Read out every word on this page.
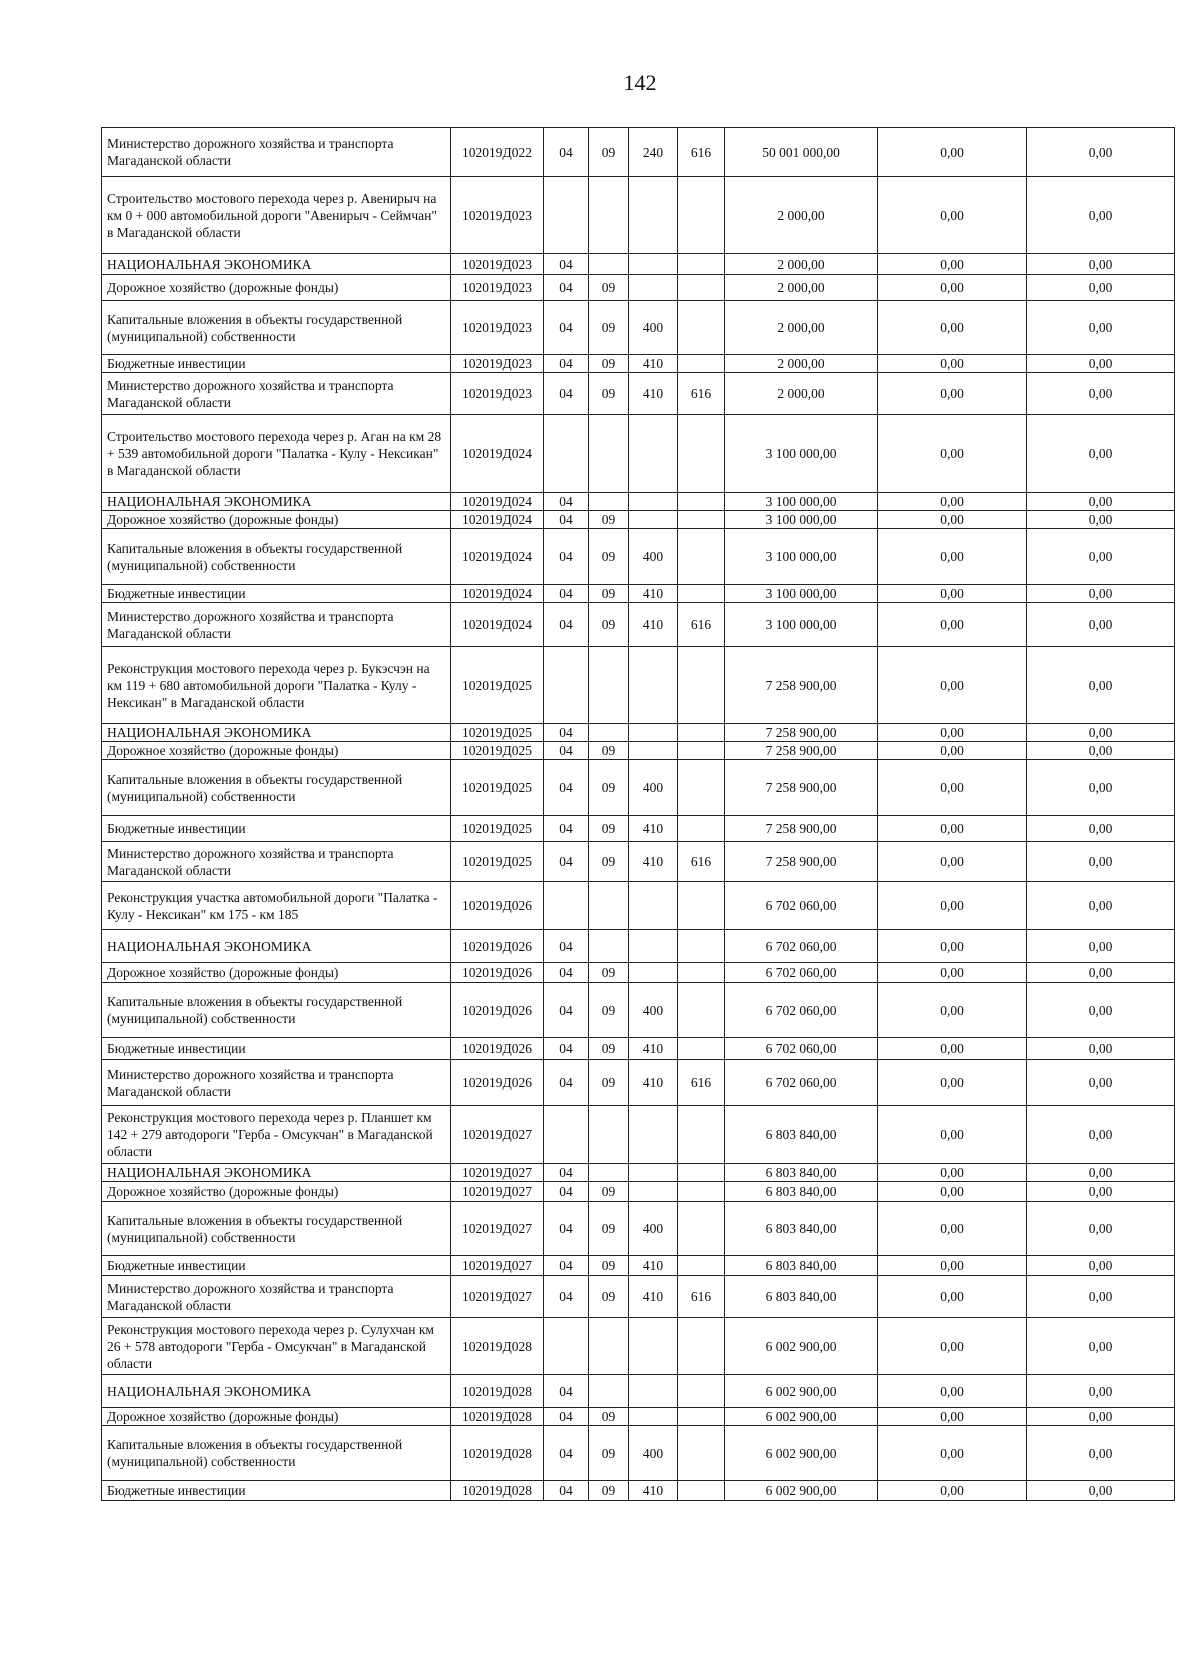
142
Министерство дорожного хозяйства и транспорта Магаданской области	102019Д022	04	09	240	616	50 001 000,00	0,00	0,00
Строительство мостового перехода через р. Авенирыч на км 0 + 000 автомобильной дороги "Авенирыч - Сеймчан" в Магаданской области	102019Д023					2 000,00	0,00	0,00
НАЦИОНАЛЬНАЯ ЭКОНОМИКА	102019Д023	04				2 000,00	0,00	0,00
Дорожное хозяйство (дорожные фонды)	102019Д023	04	09			2 000,00	0,00	0,00
Капитальные вложения в объекты государственной (муниципальной) собственности	102019Д023	04	09	400		2 000,00	0,00	0,00
Бюджетные инвестиции	102019Д023	04	09	410		2 000,00	0,00	0,00
Министерство дорожного хозяйства и транспорта Магаданской области	102019Д023	04	09	410	616	2 000,00	0,00	0,00
Строительство мостового перехода через р. Аган на км 28 + 539 автомобильной дороги "Палатка - Кулу - Нексикан" в Магаданской области	102019Д024					3 100 000,00	0,00	0,00
НАЦИОНАЛЬНАЯ ЭКОНОМИКА	102019Д024	04				3 100 000,00	0,00	0,00
Дорожное хозяйство (дорожные фонды)	102019Д024	04	09			3 100 000,00	0,00	0,00
Капитальные вложения в объекты государственной (муниципальной) собственности	102019Д024	04	09	400		3 100 000,00	0,00	0,00
Бюджетные инвестиции	102019Д024	04	09	410		3 100 000,00	0,00	0,00
Министерство дорожного хозяйства и транспорта Магаданской области	102019Д024	04	09	410	616	3 100 000,00	0,00	0,00
Реконструкция мостового перехода через р. Букэсчэн на км 119 + 680 автомобильной дороги "Палатка - Кулу - Нексикан" в Магаданской области	102019Д025					7 258 900,00	0,00	0,00
НАЦИОНАЛЬНАЯ ЭКОНОМИКА	102019Д025	04				7 258 900,00	0,00	0,00
Дорожное хозяйство (дорожные фонды)	102019Д025	04	09			7 258 900,00	0,00	0,00
Капитальные вложения в объекты государственной (муниципальной) собственности	102019Д025	04	09	400		7 258 900,00	0,00	0,00
Бюджетные инвестиции	102019Д025	04	09	410		7 258 900,00	0,00	0,00
Министерство дорожного хозяйства и транспорта Магаданской области	102019Д025	04	09	410	616	7 258 900,00	0,00	0,00
Реконструкция участка автомобильной дороги "Палатка - Кулу - Нексикан" км 175 - км 185	102019Д026					6 702 060,00	0,00	0,00
НАЦИОНАЛЬНАЯ ЭКОНОМИКА	102019Д026	04				6 702 060,00	0,00	0,00
Дорожное хозяйство (дорожные фонды)	102019Д026	04	09			6 702 060,00	0,00	0,00
Капитальные вложения в объекты государственной (муниципальной) собственности	102019Д026	04	09	400		6 702 060,00	0,00	0,00
Бюджетные инвестиции	102019Д026	04	09	410		6 702 060,00	0,00	0,00
Министерство дорожного хозяйства и транспорта Магаданской области	102019Д026	04	09	410	616	6 702 060,00	0,00	0,00
Реконструкция мостового перехода через р. Планшет км 142 + 279 автодороги "Герба - Омсукчан" в Магаданской области	102019Д027					6 803 840,00	0,00	0,00
НАЦИОНАЛЬНАЯ ЭКОНОМИКА	102019Д027	04				6 803 840,00	0,00	0,00
Дорожное хозяйство (дорожные фонды)	102019Д027	04	09			6 803 840,00	0,00	0,00
Капитальные вложения в объекты государственной (муниципальной) собственности	102019Д027	04	09	400		6 803 840,00	0,00	0,00
Бюджетные инвестиции	102019Д027	04	09	410		6 803 840,00	0,00	0,00
Министерство дорожного хозяйства и транспорта Магаданской области	102019Д027	04	09	410	616	6 803 840,00	0,00	0,00
Реконструкция мостового перехода через р. Сулухчан км 26 + 578 автодороги "Герба - Омсукчан" в Магаданской области	102019Д028					6 002 900,00	0,00	0,00
НАЦИОНАЛЬНАЯ ЭКОНОМИКА	102019Д028	04				6 002 900,00	0,00	0,00
Дорожное хозяйство (дорожные фонды)	102019Д028	04	09			6 002 900,00	0,00	0,00
Капитальные вложения в объекты государственной (муниципальной) собственности	102019Д028	04	09	400		6 002 900,00	0,00	0,00
Бюджетные инвестиции	102019Д028	04	09	410		6 002 900,00	0,00	0,00
